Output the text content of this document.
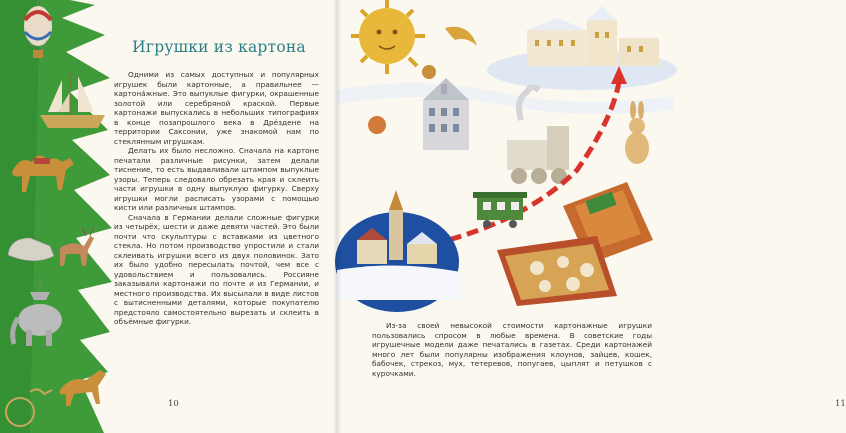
Игрушки из картона

Одними из самых доступных и популярных игрушек были картонные, а правильнее — картона́жные. Это выпуклые фигурки, окрашенные золотой или серебряной краской. Первые картонажи выпускались в небольших типографиях в конце позапрошлого века в Дре́здене на территории Саксонии, уже знакомой нам по стеклянным игрушкам.

Делать их было несложно. Сначала на картоне печатали различные рисунки, затем делали тиснение, то есть выдавливали штампом выпуклые узоры. Теперь следовало обрезать края и склеить части игрушки в одну выпуклую фигурку. Сверху игрушки могли расписать узорами с помощью кисти или различных штампов.

Сначала в Германии делали сложные фигурки из четырёх, шести и даже девяти частей. Это были почти что скульптуры с вставками из цветного стекла. Но потом производство упростили и стали склеивать игрушки всего из двух половинок. Зато их было удобно пересылать почтой, чем все с удовольствием и пользовались. Россияне заказывали картонажи по почте и из Германии, и местного производства. Их высылали в виде листов с вытисненными деталями, которые покупателю предстояло самостоятельно вырезать и склеить в объёмные фигурки.

10	11

Из-за своей невысокой стоимости картонажные игрушки пользовались спросом в любые времена. В советские годы игрушечные модели даже печатались в газетах. Среди картонажей много лет были популярны изображения клоунов, зайцев, кошек, бабочек, стрекоз, мух, тетеревов, попугаев, цыплят и петушков с курочками.
